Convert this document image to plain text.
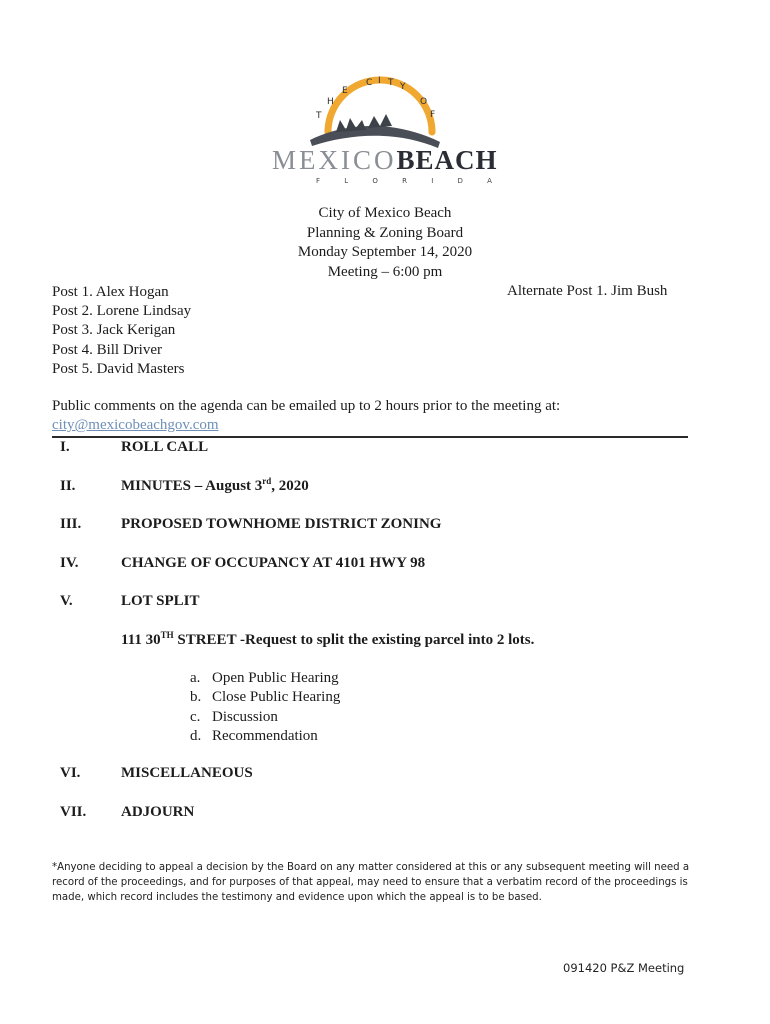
T
H
E
C I T Y
O
F
MEXICOBEACH
F L O R I D A
City of Mexico Beach
Planning & Zoning Board
Monday September 14, 2020
Meeting – 6:00 pm
Post 1. Alex Hogan
Post 2. Lorene Lindsay
Post 3. Jack Kerigan
Post 4. Bill Driver
Post 5. David Masters
Alternate Post 1. Jim Bush
Public comments on the agenda can be emailed up to 2 hours prior to the meeting at:
city@mexicobeachgov.com
I.	ROLL CALL
II.	MINUTES – August 3rd, 2020
III.	PROPOSED TOWNHOME DISTRICT ZONING
IV.	CHANGE OF OCCUPANCY AT 4101 HWY 98
V.	LOT SPLIT
111 30TH STREET -Request to split the existing parcel into 2 lots.
a. Open Public Hearing
b. Close Public Hearing
c. Discussion
d. Recommendation
VI.	MISCELLANEOUS
VII. ADJOURN
*Anyone deciding to appeal a decision by the Board on any matter considered at this or any subsequent meeting will need a record of the proceedings, and for purposes of that appeal, may need to ensure that a verbatim record of the proceedings is made, which record includes the testimony and evidence upon which the appeal is to be based.
091420 P&Z Meeting
